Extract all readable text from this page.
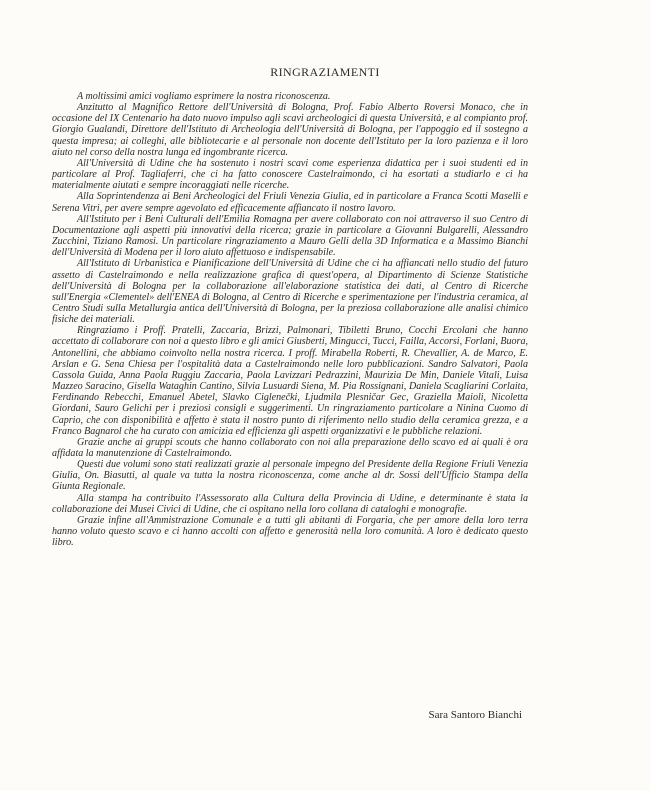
RINGRAZIAMENTI

A moltissimi amici vogliamo esprimere la nostra riconoscenza.

Anzitutto al Magnifico Rettore dell'Università di Bologna, Prof. Fabio Alberto Roversi Monaco, che in occasione del IX Centenario ha dato nuovo impulso agli scavi archeologici di questa Università, e al compianto prof. Giorgio Gualandi, Direttore dell'Istituto di Archeologia dell'Università di Bologna, per l'appoggio ed il sostegno a questa impresa; ai colleghi, alle bibliotecarie e al personale non docente dell'Istituto per la loro pazienza e il loro aiuto nel corso della nostra lunga ed ingombrante ricerca.

All'Università di Udine che ha sostenuto i nostri scavi come esperienza didattica per i suoi studenti ed in particolare al Prof. Tagliaferri, che ci ha fatto conoscere Castelraimondo, ci ha esortati a studiarlo e ci ha materialmente aiutati e sempre incoraggiati nelle ricerche.

Alla Soprintendenza ai Beni Archeologici del Friuli Venezia Giulia, ed in particolare a Franca Scotti Maselli e Serena Vitri, per avere sempre agevolato ed efficacemente affiancato il nostro lavoro.

All'Istituto per i Beni Culturali dell'Emilia Romagna per avere collaborato con noi attraverso il suo Centro di Documentazione agli aspetti più innovativi della ricerca; grazie in particolare a Giovanni Bulgarelli, Alessandro Zucchini, Tiziano Ramosi. Un particolare ringraziamento a Mauro Gelli della 3D Informatica e a Massimo Bianchi dell'Università di Modena per il loro aiuto affettuoso e indispensabile.

All'Istituto di Urbanistica e Pianificazione dell'Università di Udine che ci ha affiancati nello studio del futuro assetto di Castelraimondo e nella realizzazione grafica di quest'opera, al Dipartimento di Scienze Statistiche dell'Università di Bologna per la collaborazione all'elaborazione statistica dei dati, al Centro di Ricerche sull'Energia «Clementel» dell'ENEA di Bologna, al Centro di Ricerche e sperimentazione per l'industria ceramica, al Centro Studi sulla Metallurgia antica dell'Università di Bologna, per la preziosa collaborazione alle analisi chimico fisiche dei materiali.

Ringraziamo i Proff. Pratelli, Zaccaria, Brizzi, Palmonari, Tibiletti Bruno, Cocchi Ercolani che hanno accettato di collaborare con noi a questo libro e gli amici Giusberti, Mingucci, Tucci, Failla, Accorsi, Forlani, Buora, Antonellini, che abbiamo coinvolto nella nostra ricerca. I proff. Mirabella Roberti, R. Chevallier, A. de Marco, E. Arslan e G. Sena Chiesa per l'ospitalità data a Castelraimondo nelle loro pubblicazioni. Sandro Salvatori, Paola Cassola Guida, Anna Paola Ruggiu Zaccaria, Paola Lavizzari Pedrazzini, Maurizia De Min, Daniele Vitali, Luisa Mazzeo Saracino, Gisella Wataghin Cantino, Silvia Lusuardi Siena, M. Pia Rossignani, Daniela Scagliarini Corlaita, Ferdinando Rebecchi, Emanuel Abetel, Slavko Ciglenečki, Ljudmila Plesničar Gec, Graziella Maioli, Nicoletta Giordani, Sauro Gelichi per i preziosi consigli e suggerimenti. Un ringraziamento particolare a Ninina Cuomo di Caprio, che con disponibilità e affetto è stata il nostro punto di riferimento nello studio della ceramica grezza, e a Franco Bagnarol che ha curato con amicizia ed efficienza gli aspetti organizzativi e le pubbliche relazioni.

Grazie anche ai gruppi scouts che hanno collaborato con noi alla preparazione dello scavo ed ai quali è ora affidata la manutenzione di Castelraimondo.

Questi due volumi sono stati realizzati grazie al personale impegno del Presidente della Regione Friuli Venezia Giulia, On. Biasutti, al quale va tutta la nostra riconoscenza, come anche al dr. Sossi dell'Ufficio Stampa della Giunta Regionale.

Alla stampa ha contribuito l'Assessorato alla Cultura della Provincia di Udine, e determinante è stata la collaborazione dei Musei Civici di Udine, che ci ospitano nella loro collana di cataloghi e monografie.

Grazie infine all'Ammistrazione Comunale e a tutti gli abitanti di Forgaria, che per amore della loro terra hanno voluto questo scavo e ci hanno accolti con affetto e generosità nella loro comunità. A loro è dedicato questo libro.

Sara Santoro Bianchi
